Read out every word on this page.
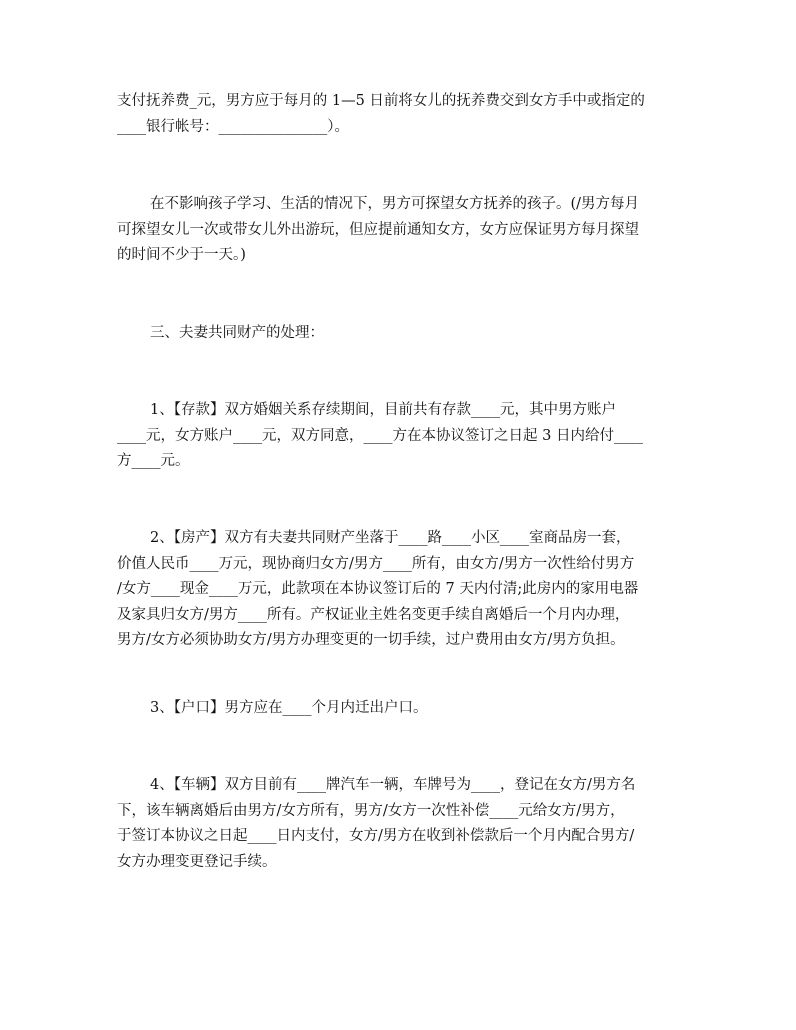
支付抚养费_元，男方应于每月的 1—5 日前将女儿的抚养费交到女方手中或指定的
____银行帐号：_______________）。

在不影响孩子学习、生活的情况下，男方可探望女方抚养的孩子。(/男方每月
可探望女儿一次或带女儿外出游玩，但应提前通知女方，女方应保证男方每月探望
的时间不少于一天。)

三、夫妻共同财产的处理：

1、【存款】双方婚姻关系存续期间，目前共有存款____元，其中男方账户
____元，女方账户____元，双方同意，____方在本协议签订之日起 3 日内给付____
方____元。

2、【房产】双方有夫妻共同财产坐落于____路____小区____室商品房一套，
价值人民币____万元，现协商归女方/男方____所有，由女方/男方一次性给付男方
/女方____现金____万元，此款项在本协议签订后的 7 天内付清;此房内的家用电器
及家具归女方/男方____所有。产权证业主姓名变更手续自离婚后一个月内办理，
男方/女方必须协助女方/男方办理变更的一切手续，过户费用由女方/男方负担。

3、【户口】男方应在____个月内迁出户口。

4、【车辆】双方目前有____牌汽车一辆，车牌号为____，登记在女方/男方名
下，该车辆离婚后由男方/女方所有，男方/女方一次性补偿____元给女方/男方，
于签订本协议之日起____日内支付，女方/男方在收到补偿款后一个月内配合男方/
女方办理变更登记手续。
